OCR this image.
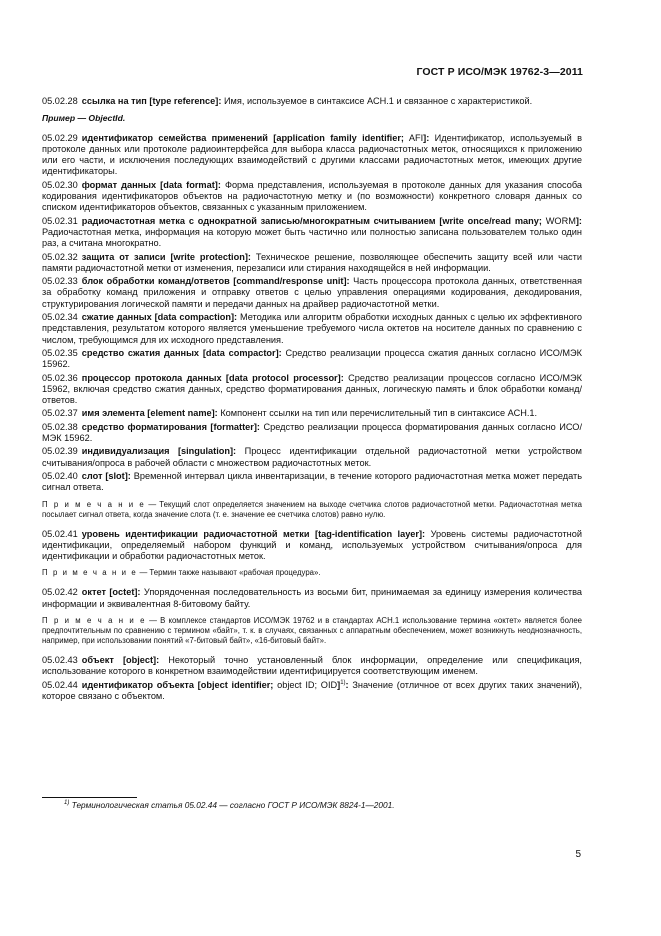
ГОСТ Р ИСО/МЭК 19762-3—2011

05.02.28 ссылка на тип [type reference]: Имя, используемое в синтаксисе АСН.1 и связанное с характеристикой.

Пример — ObjectId.

05.02.29 идентификатор семейства применений [application family identifier; AFI]: Идентификатор, используемый в протоколе данных или протоколе радиоинтерфейса для выбора класса радиочастотных меток, относящихся к приложению или его части, и исключения последующих взаимодействий с другими классами радиочастотных меток, имеющих другие идентификаторы.

05.02.30 формат данных [data format]: Форма представления, используемая в протоколе данных для указания способа кодирования идентификаторов объектов на радиочастотную метку и (по возможности) конкретного словаря данных со списком идентификаторов объектов, связанных с указанным приложением.

05.02.31 радиочастотная метка с однократной записью/многократным считыванием [write once/read many; WORM]: Радиочастотная метка, информация на которую может быть частично или полностью записана пользователем только один раз, а считана многократно.

05.02.32 защита от записи [write protection]: Техническое решение, позволяющее обеспечить защиту всей или части памяти радиочастотной метки от изменения, перезаписи или стирания находящейся в ней информации.

05.02.33 блок обработки команд/ответов [command/response unit]: Часть процессора протокола данных, ответственная за обработку команд приложения и отправку ответов с целью управления операциями кодирования, декодирования, структурирования логической памяти и передачи данных на драйвер радиочастотной метки.

05.02.34 сжатие данных [data compaction]: Методика или алгоритм обработки исходных данных с целью их эффективного представления, результатом которого является уменьшение требуемого числа октетов на носителе данных по сравнению с числом, требующимся для их исходного представления.

05.02.35 средство сжатия данных [data compactor]: Средство реализации процесса сжатия данных согласно ИСО/МЭК 15962.

05.02.36 процессор протокола данных [data protocol processor]: Средство реализации процессов согласно ИСО/МЭК 15962, включая средство сжатия данных, средство форматирования данных, логическую память и блок обработки команд/ответов.

05.02.37 имя элемента [element name]: Компонент ссылки на тип или перечислительный тип в синтаксисе АСН.1.

05.02.38 средство форматирования [formatter]: Средство реализации процесса форматирования данных согласно ИСО/МЭК 15962.

05.02.39 индивидуализация [singulation]: Процесс идентификации отдельной радиочастотной метки устройством считывания/опроса в рабочей области с множеством радиочастотных меток.

05.02.40 слот [slot]: Временной интервал цикла инвентаризации, в течение которого радиочастотная метка может передать сигнал ответа.

П р и м е ч а н и е — Текущий слот определяется значением на выходе счетчика слотов радиочастотной метки. Радиочастотная метка посылает сигнал ответа, когда значение слота (т. е. значение ее счетчика слотов) равно нулю.

05.02.41 уровень идентификации радиочастотной метки [tag-identification layer]: Уровень системы радиочастотной идентификации, определяемый набором функций и команд, используемых устройством считывания/опроса для идентификации и обработки радиочастотных меток.

П р и м е ч а н и е — Термин также называют «рабочая процедура».

05.02.42 октет [octet]: Упорядоченная последовательность из восьми бит, принимаемая за единицу измерения количества информации и эквивалентная 8-битовому байту.

П р и м е ч а н и е — В комплексе стандартов ИСО/МЭК 19762 и в стандартах АСН.1 использование термина «октет» является более предпочтительным по сравнению с термином «байт», т. к. в случаях, связанных с аппаратным обеспечением, может возникнуть неоднозначность, например, при использовании понятий «7-битовый байт», «16-битовый байт».

05.02.43 объект [object]: Некоторый точно установленный блок информации, определение или спецификация, использование которого в конкретном взаимодействии идентифицируется соответствующим именем.

05.02.44 идентификатор объекта [object identifier; object ID; OID]$^{1)}$: Значение (отличное от всех других таких значений), которое связано с объектом.

$^{1)}$ Терминологическая статья 05.02.44 — согласно ГОСТ Р ИСО/МЭК 8824-1—2001.
5
